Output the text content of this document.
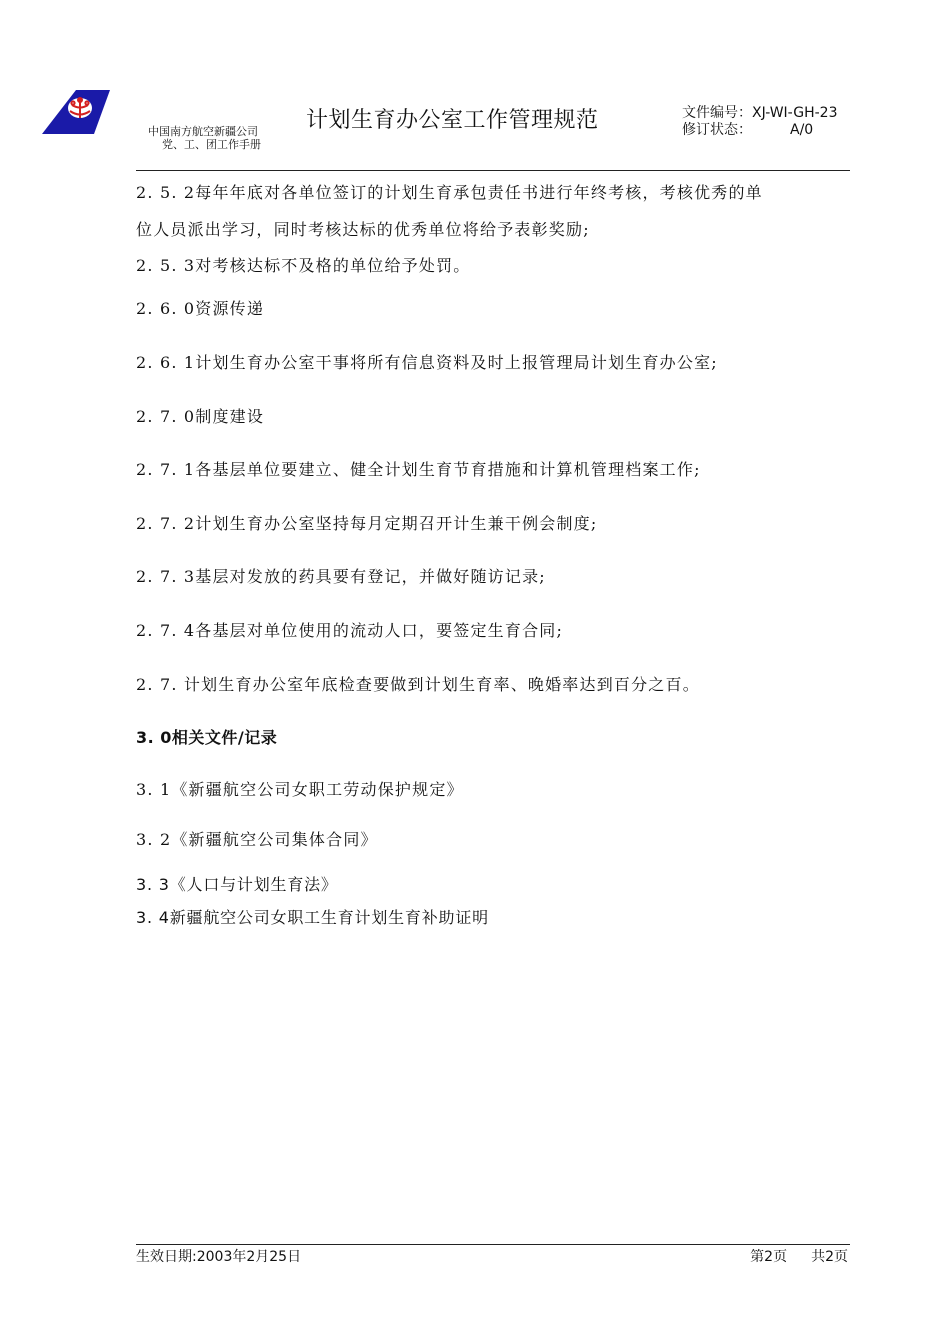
中国南方航空新疆公司
党、工、团工作手册
计划生育办公室工作管理规范	文件编号：XJ-WI-GH-23
修订状态：	A/0
2. 5. 2每年年底对各单位签订的计划生育承包责任书进行年终考核，考核优秀的单
位人员派出学习，同时考核达标的优秀单位将给予表彰奖励;
2. 5. 3对考核达标不及格的单位给予处罚。
2. 6. 0资源传递
2. 6. 1计划生育办公室干事将所有信息资料及时上报管理局计划生育办公室;
2. 7. 0制度建设
2. 7. 1各基层单位要建立、健全计划生育节育措施和计算机管理档案工作;
2. 7. 2计划生育办公室坚持每月定期召开计生兼干例会制度;
2. 7. 3基层对发放的药具要有登记，并做好随访记录;
2. 7. 4各基层对单位使用的流动人口，要签定生育合同;
2. 7. 计划生育办公室年底检查要做到计划生育率、晚婚率达到百分之百。
3. 0相关文件/记录
3. 1《新疆航空公司女职工劳动保护规定》
3. 2《新疆航空公司集体合同》
3. 3《人口与计划生育法》
3. 4新疆航空公司女职工生育计划生育补助证明
生效日期:2003年2月25日	第2页 共2页
